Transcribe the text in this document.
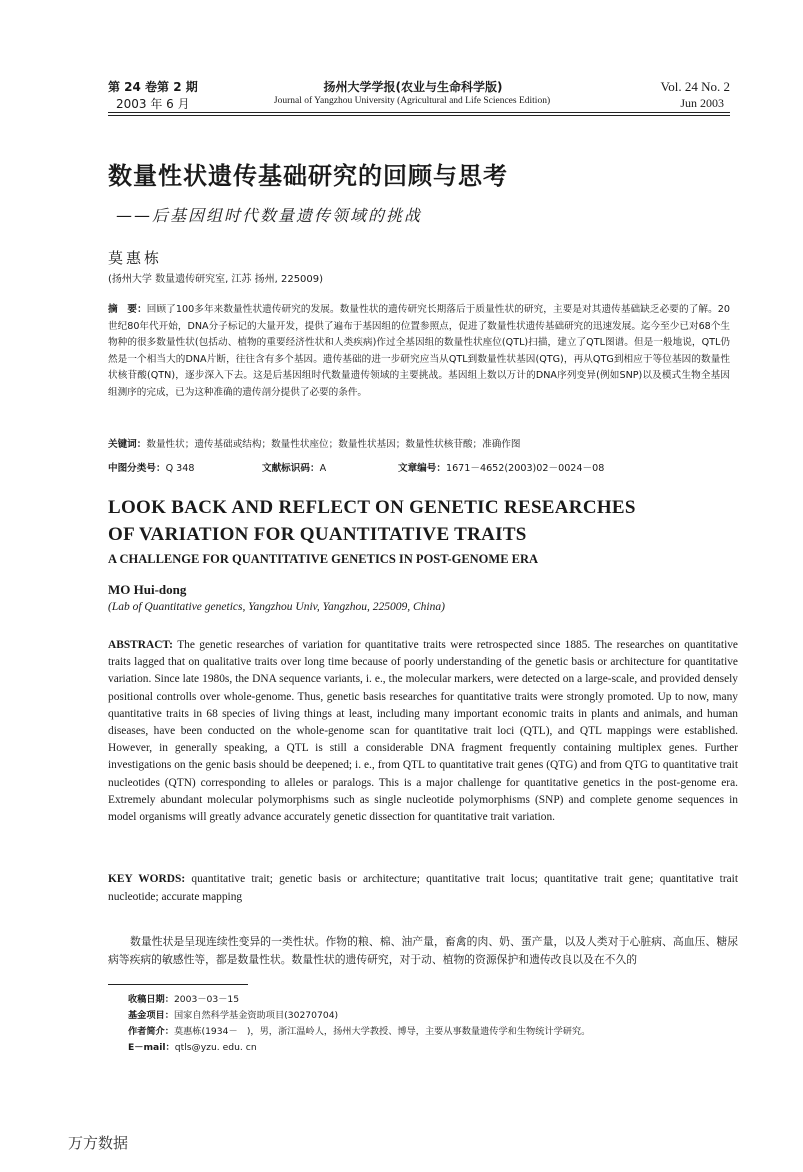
第 24 卷第 2 期
2003 年 6 月
扬州大学学报(农业与生命科学版)
Journal of Yangzhou University (Agricultural and Life Sciences Edition)
Vol. 24 No. 2
Jun 2003
数量性状遗传基础研究的回顾与思考
——后基因组时代数量遗传领域的挑战
莫惠栋
(扬州大学 数量遗传研究室, 江苏 扬州, 225009)
摘　要：回顾了100多年来数量性状遗传研究的发展。数量性状的遗传研究长期落后于质量性状的研究，主要是对其遗传基础缺乏必要的了解。20世纪80年代开始，DNA分子标记的大量开发，提供了遍布于基因组的位置参照点，促进了数量性状遗传基础研究的迅速发展。迄今至少已对68个生物种的很多数量性状(包括动、植物的重要经济性状和人类疾病)作过全基因组的数量性状座位(QTL)扫描，建立了QTL图谱。但是一般地说，QTL仍然是一个相当大的DNA片断，往往含有多个基因。遗传基础的进一步研究应当从QTL到数量性状基因(QTG)，再从QTG到相应于等位基因的数量性状核苷酸(QTN)，逐步深入下去。这是后基因组时代数量遗传领域的主要挑战。基因组上数以万计的DNA序列变异(例如SNP)以及模式生物全基因组测序的完成，已为这种准确的遗传剖分提供了必要的条件。
关键词：数量性状；遗传基础或结构；数量性状座位；数量性状基因；数量性状核苷酸；准确作图
中图分类号：Q 348	文献标识码：A	文章编号：1671－4652(2003)02－0024－08
LOOK BACK AND REFLECT ON GENETIC RESEARCHES
OF VARIATION FOR QUANTITATIVE TRAITS
A CHALLENGE FOR QUANTITATIVE GENETICS IN POST-GENOME ERA
MO Hui-dong
(Lab of Quantitative genetics, Yangzhou Univ, Yangzhou, 225009, China)
ABSTRACT: The genetic researches of variation for quantitative traits were retrospected since 1885. The researches on quantitative traits lagged that on qualitative traits over long time because of poorly understanding of the genetic basis or architecture for quantitative variation. Since late 1980s, the DNA sequence variants, i. e., the molecular markers, were detected on a large-scale, and provided densely positional controlls over whole-genome. Thus, genetic basis researches for quantitative traits were strongly promoted. Up to now, many quantitative traits in 68 species of living things at least, including many important economic traits in plants and animals, and human diseases, have been conducted on the whole-genome scan for quantitative trait loci (QTL), and QTL mappings were established. However, in generally speaking, a QTL is still a considerable DNA fragment frequently containing multiplex genes. Further investigations on the genic basis should be deepened; i. e., from QTL to quantitative trait genes (QTG) and from QTG to quantitative trait nucleotides (QTN) corresponding to alleles or paralogs. This is a major challenge for quantitative genetics in the post-genome era. Extremely abundant molecular polymorphisms such as single nucleotide polymorphisms (SNP) and complete genome sequences in model organisms will greatly advance accurately genetic dissection for quantitative trait variation.
KEY WORDS: quantitative trait; genetic basis or architecture; quantitative trait locus; quantitative trait gene; quantitative trait nucleotide; accurate mapping
数量性状是呈现连续性变异的一类性状。作物的粮、棉、油产量，畜禽的肉、奶、蛋产量，以及人类对于心脏病、高血压、糖尿病等疾病的敏感性等，都是数量性状。数量性状的遗传研究，对于动、植物的资源保护和遗传改良以及在不久的
收稿日期：2003－03－15
基金项目：国家自然科学基金资助项目(30270704)
作者简介：莫惠栋(1934－　)，男，浙江温岭人，扬州大学教授、博导，主要从事数量遗传学和生物统计学研究。
E－mail：qtls@yzu. edu. cn
万方数据
